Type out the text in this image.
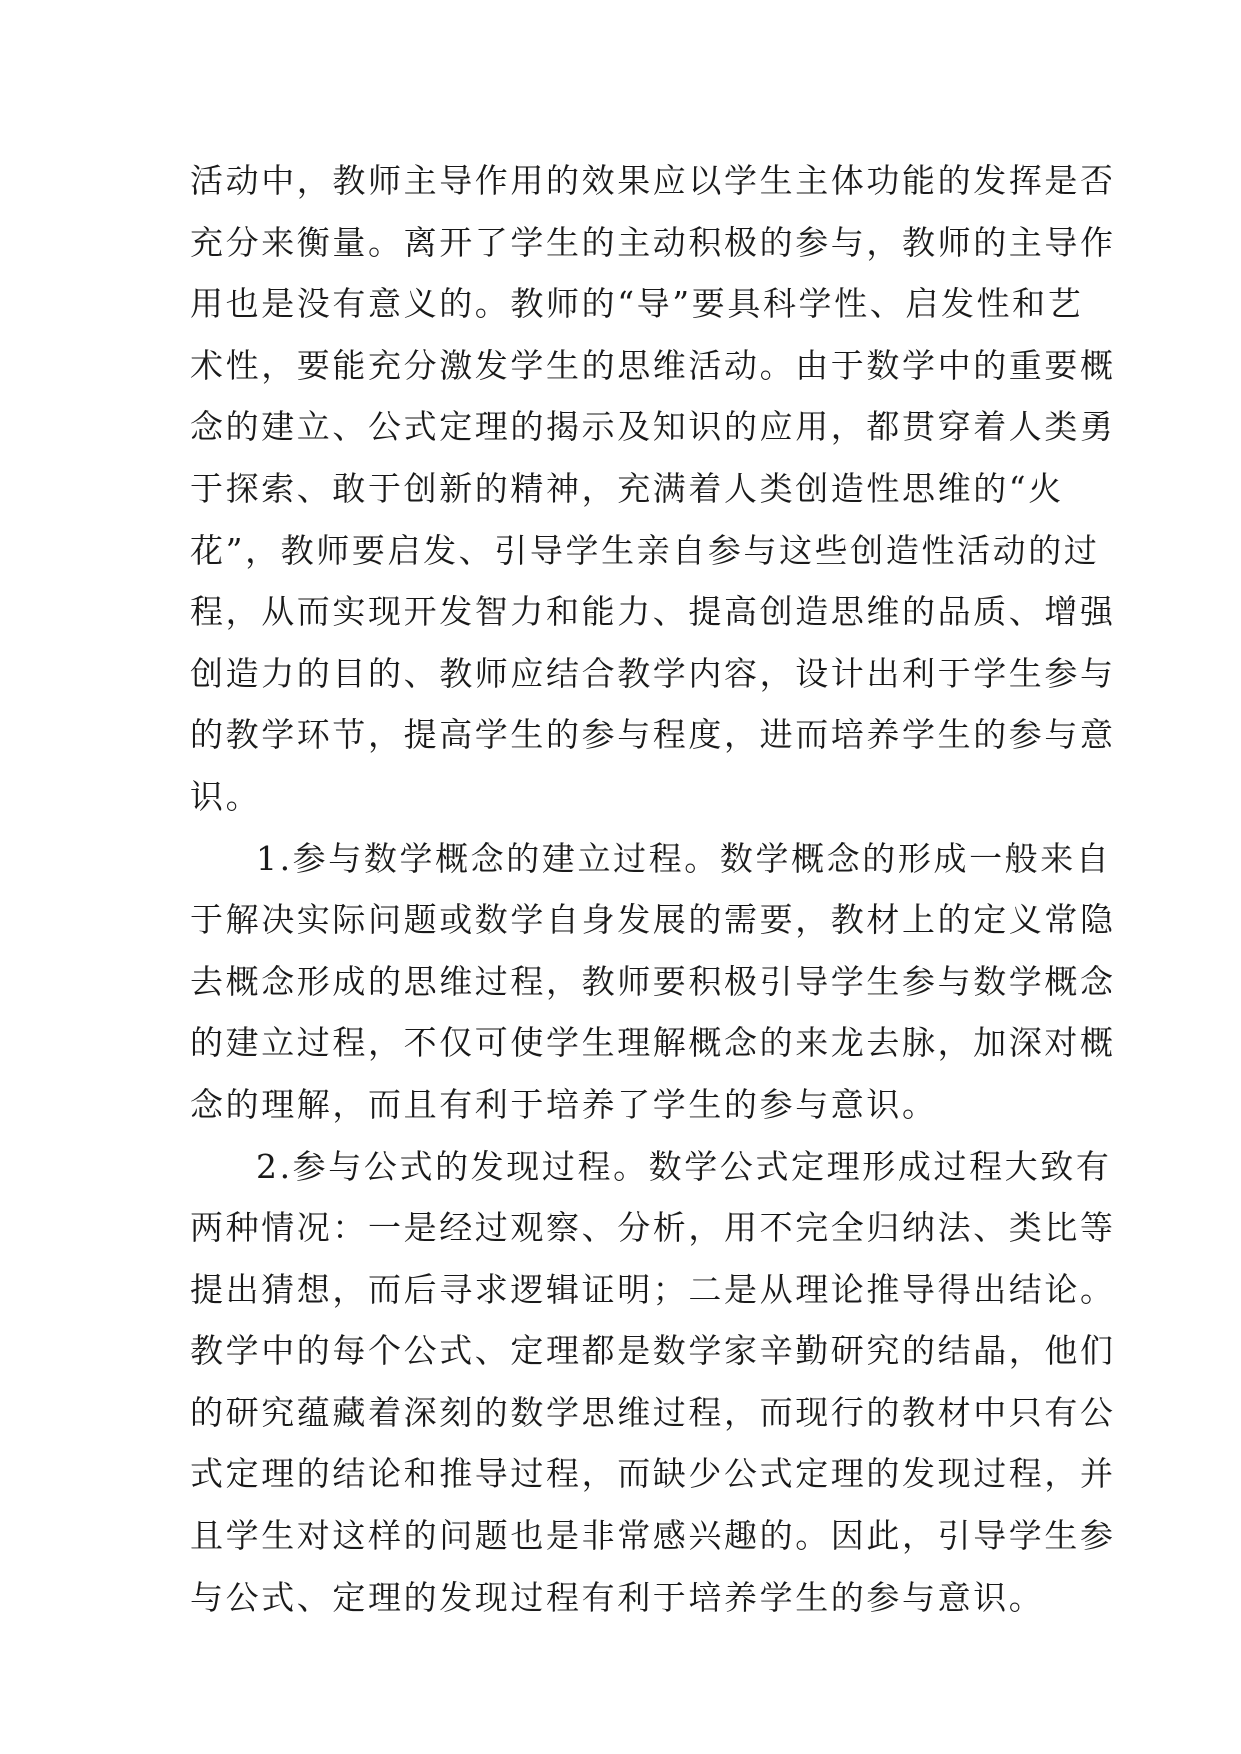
活动中，教师主导作用的效果应以学生主体功能的发挥是否
充分来衡量。离开了学生的主动积极的参与，教师的主导作
用也是没有意义的。教师的“导”要具科学性、启发性和艺
术性，要能充分激发学生的思维活动。由于数学中的重要概
念的建立、公式定理的揭示及知识的应用，都贯穿着人类勇
于探索、敢于创新的精神，充满着人类创造性思维的“火
花”，教师要启发、引导学生亲自参与这些创造性活动的过
程，从而实现开发智力和能力、提高创造思维的品质、增强
创造力的目的、教师应结合教学内容，设计出利于学生参与
的教学环节，提高学生的参与程度，进而培养学生的参与意
识。
1.参与数学概念的建立过程。数学概念的形成一般来自
于解决实际问题或数学自身发展的需要，教材上的定义常隐
去概念形成的思维过程，教师要积极引导学生参与数学概念
的建立过程，不仅可使学生理解概念的来龙去脉，加深对概
念的理解，而且有利于培养了学生的参与意识。
2.参与公式的发现过程。数学公式定理形成过程大致有
两种情况：一是经过观察、分析，用不完全归纳法、类比等
提出猜想，而后寻求逻辑证明；二是从理论推导得出结论。
教学中的每个公式、定理都是数学家辛勤研究的结晶，他们
的研究蕴藏着深刻的数学思维过程，而现行的教材中只有公
式定理的结论和推导过程，而缺少公式定理的发现过程，并
且学生对这样的问题也是非常感兴趣的。因此，引导学生参
与公式、定理的发现过程有利于培养学生的参与意识。
